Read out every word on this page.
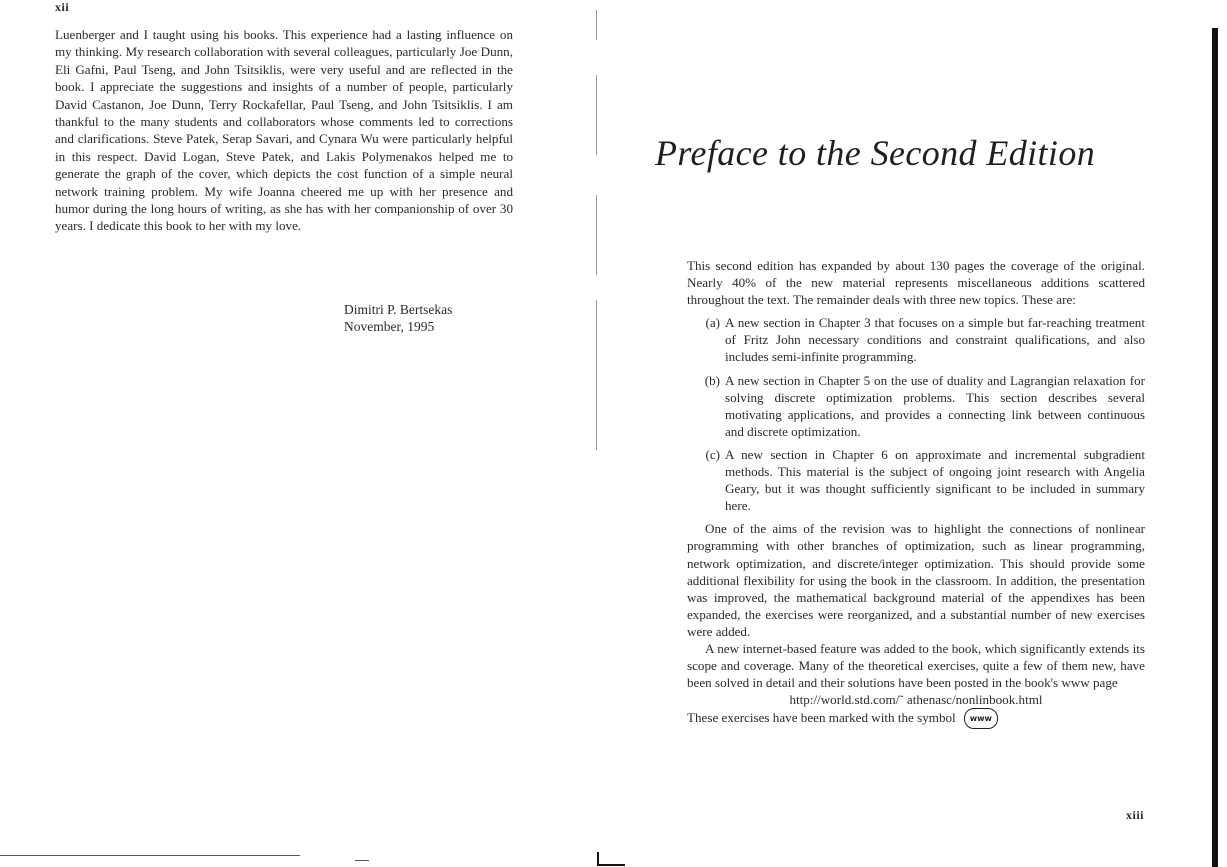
xii
Luenberger and I taught using his books. This experience had a lasting influence on my thinking. My research collaboration with several colleagues, particularly Joe Dunn, Eli Gafni, Paul Tseng, and John Tsitsiklis, were very useful and are reflected in the book. I appreciate the suggestions and insights of a number of people, particularly David Castanon, Joe Dunn, Terry Rockafellar, Paul Tseng, and John Tsitsiklis. I am thankful to the many students and collaborators whose comments led to corrections and clarifications. Steve Patek, Serap Savari, and Cynara Wu were particularly helpful in this respect. David Logan, Steve Patek, and Lakis Polymenakos helped me to generate the graph of the cover, which depicts the cost function of a simple neural network training problem. My wife Joanna cheered me up with her presence and humor during the long hours of writing, as she has with her companionship of over 30 years. I dedicate this book to her with my love.
Dimitri P. Bertsekas
November, 1995
Preface to the Second Edition

This second edition has expanded by about 130 pages the coverage of the original. Nearly 40% of the new material represents miscellaneous additions scattered throughout the text. The remainder deals with three new topics. These are:

(a) A new section in Chapter 3 that focuses on a simple but far-reaching treatment of Fritz John necessary conditions and constraint qualifications, and also includes semi-infinite programming.
(b) A new section in Chapter 5 on the use of duality and Lagrangian relaxation for solving discrete optimization problems. This section describes several motivating applications, and provides a connecting link between continuous and discrete optimization.
(c) A new section in Chapter 6 on approximate and incremental subgradient methods. This material is the subject of ongoing joint research with Angelia Geary, but it was thought sufficiently significant to be included in summary here.

One of the aims of the revision was to highlight the connections of nonlinear programming with other branches of optimization, such as linear programming, network optimization, and discrete/integer optimization. This should provide some additional flexibility for using the book in the classroom. In addition, the presentation was improved, the mathematical background material of the appendixes has been expanded, the exercises were reorganized, and a substantial number of new exercises were added.

A new internet-based feature was added to the book, which significantly extends its scope and coverage. Many of the theoretical exercises, quite a few of them new, have been solved in detail and their solutions have been posted in the book's www page

http://world.std.com/˜ athenasc/nonlinbook.html

These exercises have been marked with the symbol www

xiii
